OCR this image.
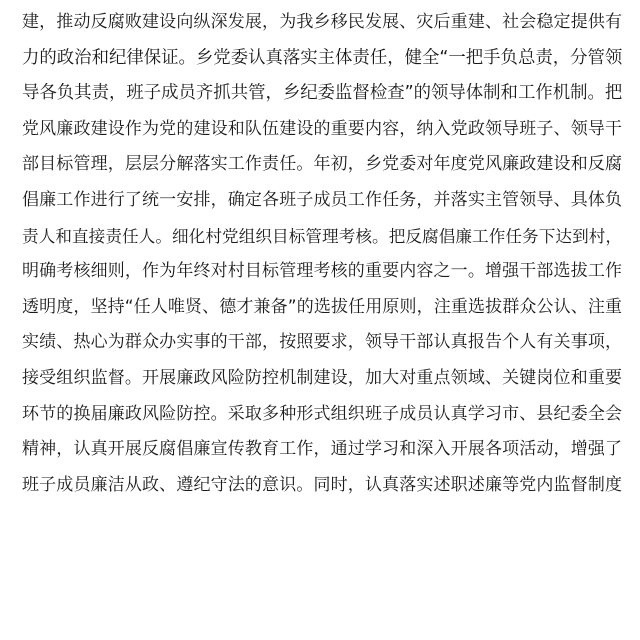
建，推动反腐败建设向纵深发展，为我乡移民发展、灾后重建、社会稳定提供有
力的政治和纪律保证。乡党委认真落实主体责任，健全“一把手负总责，分管领
导各负其责，班子成员齐抓共管，乡纪委监督检查”的领导体制和工作机制。把
党风廉政建设作为党的建设和队伍建设的重要内容，纳入党政领导班子、领导干
部目标管理，层层分解落实工作责任。年初，乡党委对年度党风廉政建设和反腐
倡廉工作进行了统一安排，确定各班子成员工作任务，并落实主管领导、具体负
责人和直接责任人。细化村党组织目标管理考核。把反腐倡廉工作任务下达到村，
明确考核细则，作为年终对村目标管理考核的重要内容之一。增强干部选拔工作
透明度，坚持“任人唯贤、德才兼备”的选拔任用原则，注重选拔群众公认、注重
实绩、热心为群众办实事的干部，按照要求，领导干部认真报告个人有关事项，
接受组织监督。开展廉政风险防控机制建设，加大对重点领域、关键岗位和重要
环节的换届廉政风险防控。采取多种形式组织班子成员认真学习市、县纪委全会
精神，认真开展反腐倡廉宣传教育工作，通过学习和深入开展各项活动，增强了
班子成员廉洁从政、遵纪守法的意识。同时，认真落实述职述廉等党内监督制度
